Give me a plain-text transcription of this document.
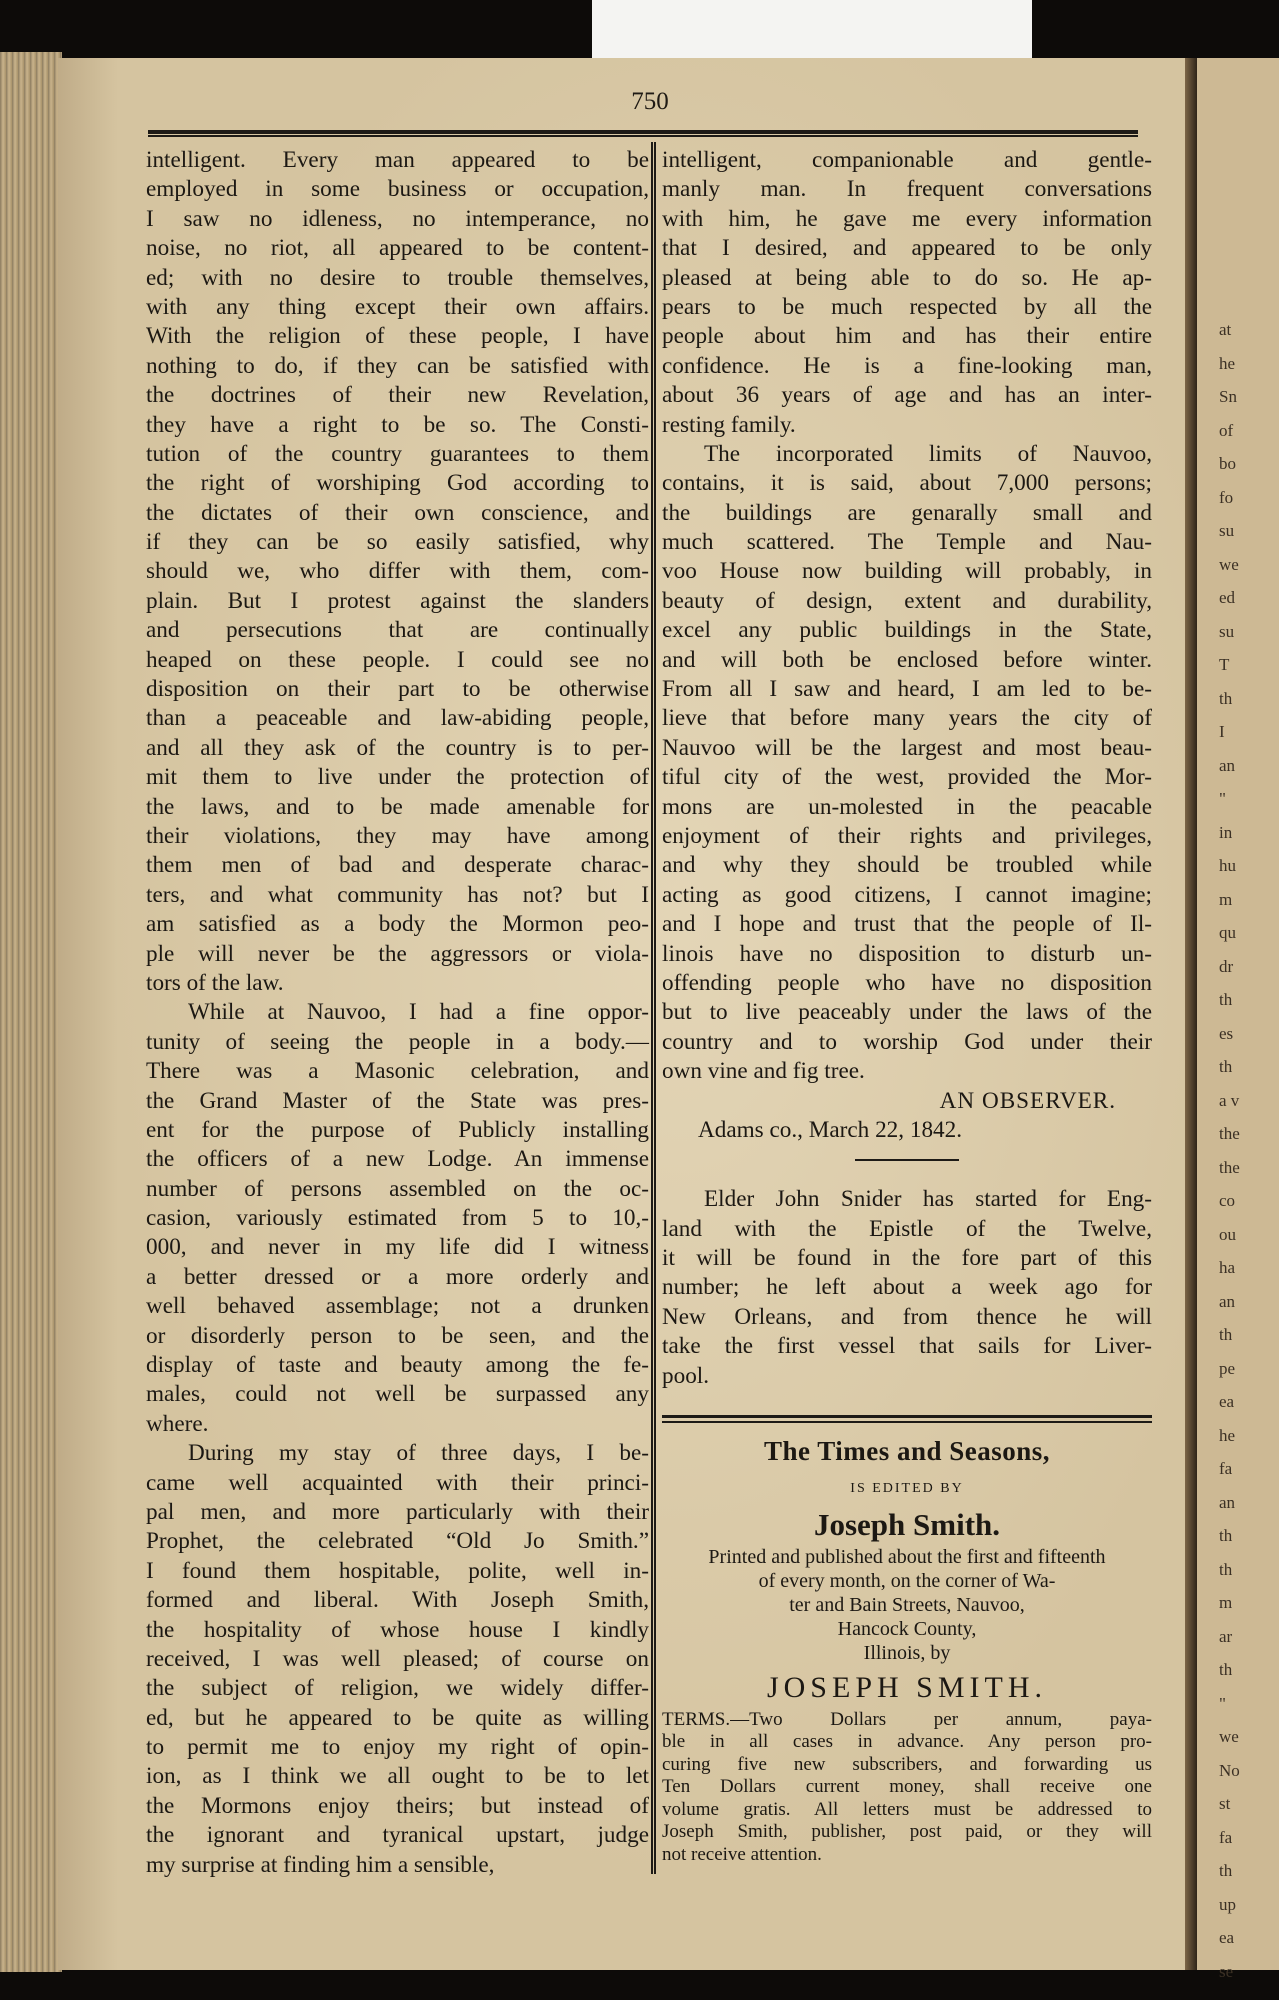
at
he
Sn
of
bo
fo
su
we
ed
su
T
th
I
an
"
in
hu
m
qu
dr
th
es
th
a v
the
the
co
ou
ha
an
th
pe
ea
he
fa
an
th
th
m
ar
th
"
we
No
st
fa
th
up
ea
se
750
intelligent. Every man appeared to be
employed in some business or occupation,
I saw no idleness, no intemperance, no
noise, no riot, all appeared to be content-
ed; with no desire to trouble themselves,
with any thing except their own affairs.
With the religion of these people, I have
nothing to do, if they can be satisfied with
the doctrines of their new Revelation,
they have a right to be so. The Consti-
tution of the country guarantees to them
the right of worshiping God according to
the dictates of their own conscience, and
if they can be so easily satisfied, why
should we, who differ with them, com-
plain. But I protest against the slanders
and persecutions that are continually
heaped on these people. I could see no
disposition on their part to be otherwise
than a peaceable and law-abiding people,
and all they ask of the country is to per-
mit them to live under the protection of
the laws, and to be made amenable for
their violations, they may have among
them men of bad and desperate charac-
ters, and what community has not? but I
am satisfied as a body the Mormon peo-
ple will never be the aggressors or viola-
tors of the law.
While at Nauvoo, I had a fine oppor-
tunity of seeing the people in a body.—
There was a Masonic celebration, and
the Grand Master of the State was pres-
ent for the purpose of Publicly installing
the officers of a new Lodge. An immense
number of persons assembled on the oc-
casion, variously estimated from 5 to 10,-
000, and never in my life did I witness
a better dressed or a more orderly and
well behaved assemblage; not a drunken
or disorderly person to be seen, and the
display of taste and beauty among the fe-
males, could not well be surpassed any
where.
During my stay of three days, I be-
came well acquainted with their princi-
pal men, and more particularly with their
Prophet, the celebrated “Old Jo Smith.”
I found them hospitable, polite, well in-
formed and liberal. With Joseph Smith,
the hospitality of whose house I kindly
received, I was well pleased; of course on
the subject of religion, we widely differ-
ed, but he appeared to be quite as willing
to permit me to enjoy my right of opin-
ion, as I think we all ought to be to let
the Mormons enjoy theirs; but instead of
the ignorant and tyranical upstart, judge
my surprise at finding him a sensible,
intelligent, companionable and gentle-
manly man. In frequent conversations
with him, he gave me every information
that I desired, and appeared to be only
pleased at being able to do so. He ap-
pears to be much respected by all the
people about him and has their entire
confidence. He is a fine-looking man,
about 36 years of age and has an inter-
resting family.
The incorporated limits of Nauvoo,
contains, it is said, about 7,000 persons;
the buildings are genarally small and
much scattered. The Temple and Nau-
voo House now building will probably, in
beauty of design, extent and durability,
excel any public buildings in the State,
and will both be enclosed before winter.
From all I saw and heard, I am led to be-
lieve that before many years the city of
Nauvoo will be the largest and most beau-
tiful city of the west, provided the Mor-
mons are un-molested in the peacable
enjoyment of their rights and privileges,
and why they should be troubled while
acting as good citizens, I cannot imagine;
and I hope and trust that the people of Il-
linois have no disposition to disturb un-
offending people who have no disposition
but to live peaceably under the laws of the
country and to worship God under their
own vine and fig tree.
AN OBSERVER.
Adams co., March 22, 1842.
Elder John Snider has started for Eng-
land with the Epistle of the Twelve,
it will be found in the fore part of this
number; he left about a week ago for
New Orleans, and from thence he will
take the first vessel that sails for Liver-
pool.
The Times and Seasons,
IS EDITED BY
Joseph Smith.
Printed and published about the first and fifteenth
of every month, on the corner of Wa-
ter and Bain Streets, Nauvoo,
Hancock County,
Illinois, by
JOSEPH SMITH.
TERMS.—Two Dollars per annum, paya-
ble in all cases in advance. Any person pro-
curing five new subscribers, and forwarding us
Ten Dollars current money, shall receive one
volume gratis. All letters must be addressed to
Joseph Smith, publisher, post paid, or they will
not receive attention.
